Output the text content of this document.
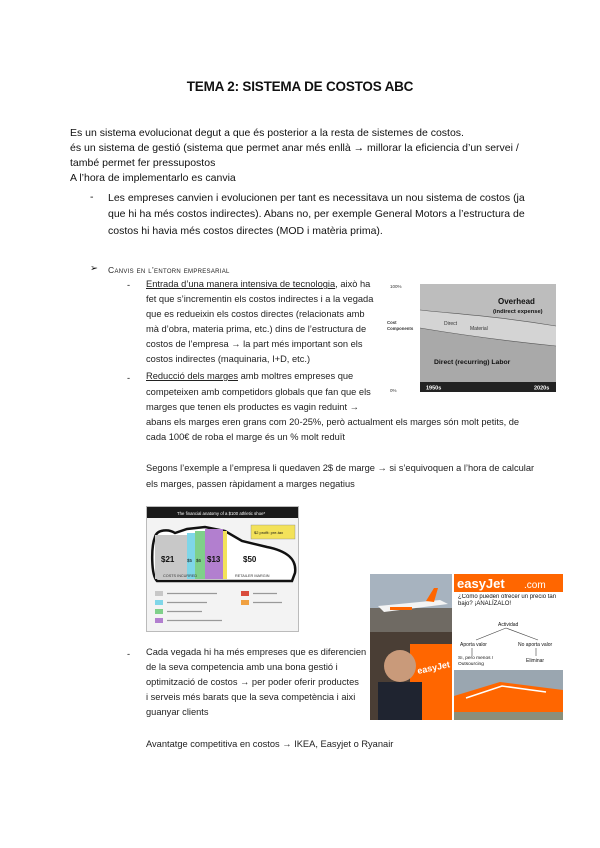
TEMA 2: SISTEMA DE COSTOS ABC
Es un sistema evolucionat degut a que és posterior a la resta de sistemes de costos.
és un sistema de gestió (sistema que permet anar més enllà → millorar la eficiencia d’un servei /
també permet fer pressupostos
A l’hora de implementarlo es canvia
- Les empreses canvien i evolucionen per tant es necessitava un nou sistema de costos (ja
que hi ha més costos indirectes). Abans no, per exemple General Motors a l’estructura de
costos hi havia més costos directes (MOD i matèria prima).
➢ Canvis en l’entorn empresarial
- Entrada d’una manera intensiva de tecnologia, això ha
fet que s’incrementin els costos indirectes i a la vegada
que es redueixin els costos directes (relacionats amb
mà d’obra, materia prima, etc.) dins de l’estructura de
costos de l’empresa → la part més important son els
costos indirectes (maquinaria, I+D, etc.)
- Reducció dels marges amb moltres empreses que
competeixen amb competidors globals que fan que els
marges que tenen els productes es vagin reduint →
abans els marges eren grans com 20-25%, però actualment els marges són molt petits, de
cada 100€ de roba el marge és un % molt reduït
Segons l’exemple a l’empresa li quedaven 2$ de marge → si s’equivoquen a l’hora de calcular
els marges, passen ràpidament a marges negatius
- Cada vegada hi ha més empreses que es diferencien
de la seva competencia amb una bona gestió i
optimització de costos → per poder oferir productes
i serveis més barats que la seva competència i aixi
guanyar clients
Avantatge competitiva en costos → IKEA, Easyjet o Ryanair
100%
0%
Cost
Components
Overhead
(indirect expense)
Direct
Material
Direct (recurring) Labor
1950s	2020s
The financial anatomy of a $100 athletic shoe*
$21	$5 $6 $13	$50
$2 profit: pre-tax
COSTS INCURRED	RETAILER MARGIN
easyJet
easyJet .com
¿Cómo pueden ofrecer un precio tan bajo? ¡ANALÍZALO!
Actividad
Aporta valor	No aporta valor
Sí, pero menos / Outsourcing	Eliminar
